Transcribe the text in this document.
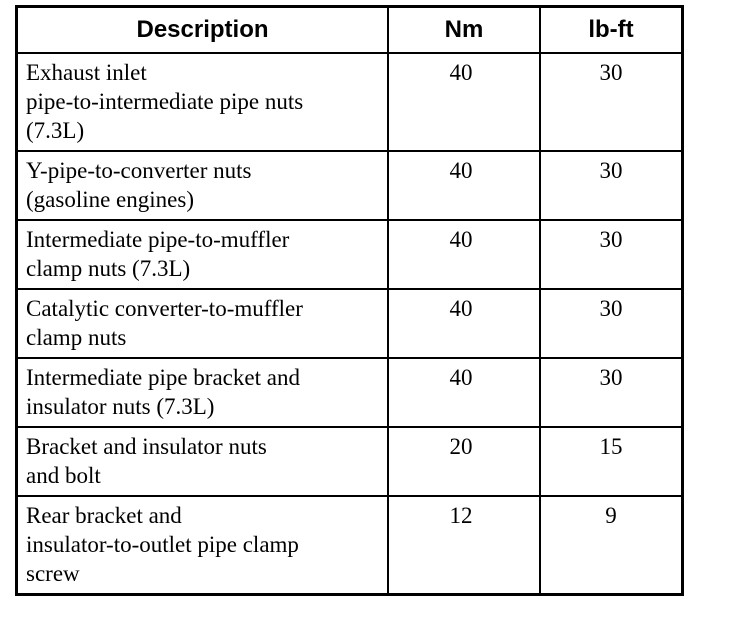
Description	Nm	lb-ft
Exhaust inlet
pipe-to-intermediate pipe nuts
(7.3L)	40	30
Y-pipe-to-converter nuts
(gasoline engines)	40	30
Intermediate pipe-to-muffler
clamp nuts (7.3L)	40	30
Catalytic converter-to-muffler
clamp nuts	40	30
Intermediate pipe bracket and
insulator nuts (7.3L)	40	30
Bracket and insulator nuts
and bolt	20	15
Rear bracket and
insulator-to-outlet pipe clamp
screw	12	9
